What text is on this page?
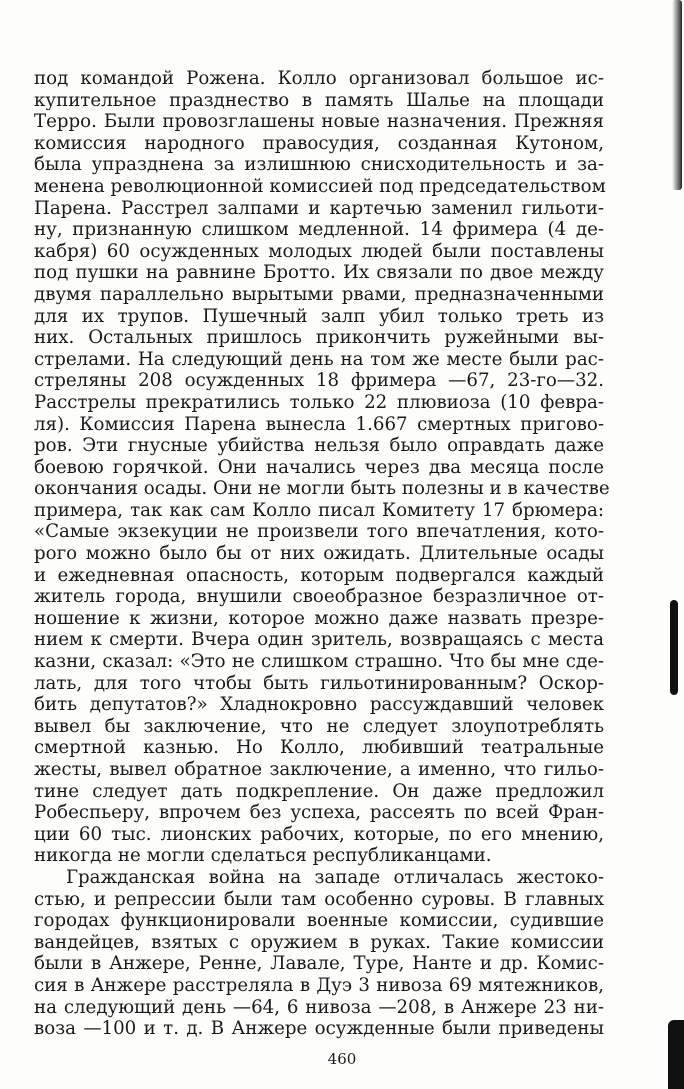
под командой Рожена. Колло организовал большое ис-
купительное празднество в память Шалье на площади
Терро. Были провозглашены новые назначения. Прежняя
комиссия народного правосудия, созданная Кутоном,
была упразднена за излишнюю снисходительность и за-
менена революционной комиссией под председательством
Парена. Расстрел залпами и картечью заменил гильоти-
ну, признанную слишком медленной. 14 фримера (4 де-
кабря) 60 осужденных молодых людей были поставлены
под пушки на равнине Бротто. Их связали по двое между
двумя параллельно вырытыми рвами, предназначенными
для их трупов. Пушечный залп убил только треть из
них. Остальных пришлось прикончить ружейными вы-
стрелами. На следующий день на том же месте были рас-
стреляны 208 осужденных 18 фримера —67, 23-го—32.
Расстрелы прекратились только 22 плювиоза (10 февра-
ля). Комиссия Парена вынесла 1.667 смертных пригово-
ров. Эти гнусные убийства нельзя было оправдать даже
боевою горячкой. Они начались через два месяца после
окончания осады. Они не могли быть полезны и в качестве
примера, так как сам Колло писал Комитету 17 брюмера:
«Самые экзекуции не произвели того впечатления, кото-
рого можно было бы от них ожидать. Длительные осады
и ежедневная опасность, которым подвергался каждый
житель города, внушили своеобразное безразличное от-
ношение к жизни, которое можно даже назвать презре-
нием к смерти. Вчера один зритель, возвращаясь с места
казни, сказал: «Это не слишком страшно. Что бы мне сде-
лать, для того чтобы быть гильотинированным? Оскор-
бить депутатов?» Хладнокровно рассуждавший человек
вывел бы заключение, что не следует злоупотреблять
смертной казнью. Но Колло, любивший театральные
жесты, вывел обратное заключение, а именно, что гильо-
тине следует дать подкрепление. Он даже предложил
Робеспьеру, впрочем без успеха, рассеять по всей Фран-
ции 60 тыс. лионских рабочих, которые, по его мнению,
никогда не могли сделаться республиканцами.
Гражданская война на западе отличалась жестоко-
стью, и репрессии были там особенно суровы. В главных
городах функционировали военные комиссии, судившие
вандейцев, взятых с оружием в руках. Такие комиссии
были в Анжере, Ренне, Лавале, Туре, Нанте и др. Комис-
сия в Анжере расстреляла в Дуэ 3 нивоза 69 мятежников,
на следующий день —64, 6 нивоза —208, в Анжере 23 ни-
воза —100 и т. д. В Анжере осужденные были приведены
460
